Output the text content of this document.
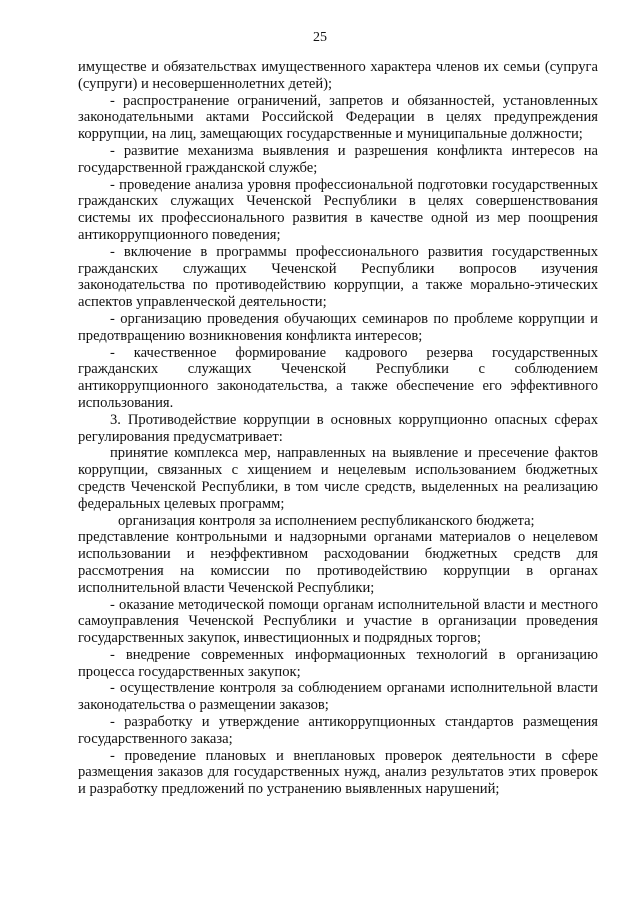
25

имуществе и обязательствах имущественного характера членов их семьи (супруга (супруги) и несовершеннолетних детей);

- распространение ограничений, запретов и обязанностей, установленных законодательными актами Российской Федерации в целях предупреждения коррупции, на лиц, замещающих государственные и муниципальные должности;

- развитие механизма выявления и разрешения конфликта интересов на государственной гражданской службе;

- проведение анализа уровня профессиональной подготовки государственных гражданских служащих Чеченской Республики в целях совершенствования системы их профессионального развития в качестве одной из мер поощрения антикоррупционного поведения;

- включение в программы профессионального развития государственных гражданских служащих Чеченской Республики вопросов изучения законодательства по противодействию коррупции, а также морально-этических аспектов управленческой деятельности;

- организацию проведения обучающих семинаров по проблеме коррупции и предотвращению возникновения конфликта интересов;

- качественное формирование кадрового резерва государственных гражданских служащих Чеченской Республики с соблюдением антикоррупционного законодательства, а также обеспечение его эффективного использования.

3. Противодействие коррупции в основных коррупционно опасных сферах регулирования предусматривает:

принятие комплекса мер, направленных на выявление и пресечение фактов коррупции, связанных с хищением и нецелевым использованием бюджетных средств Чеченской Республики, в том числе средств, выделенных на реализацию федеральных целевых программ;

организация контроля за исполнением республиканского бюджета;

представление контрольными и надзорными органами материалов о нецелевом использовании и неэффективном расходовании бюджетных средств для рассмотрения на комиссии по противодействию коррупции в органах исполнительной власти Чеченской Республики;

- оказание методической помощи органам исполнительной власти и местного самоуправления Чеченской Республики и участие в организации проведения государственных закупок, инвестиционных и подрядных торгов;

- внедрение современных информационных технологий в организацию процесса государственных закупок;

- осуществление контроля за соблюдением органами исполнительной власти законодательства о размещении заказов;

- разработку и утверждение антикоррупционных стандартов размещения государственного заказа;

- проведение плановых и внеплановых проверок деятельности в сфере размещения заказов для государственных нужд, анализ результатов этих проверок и разработку предложений по устранению выявленных нарушений;
